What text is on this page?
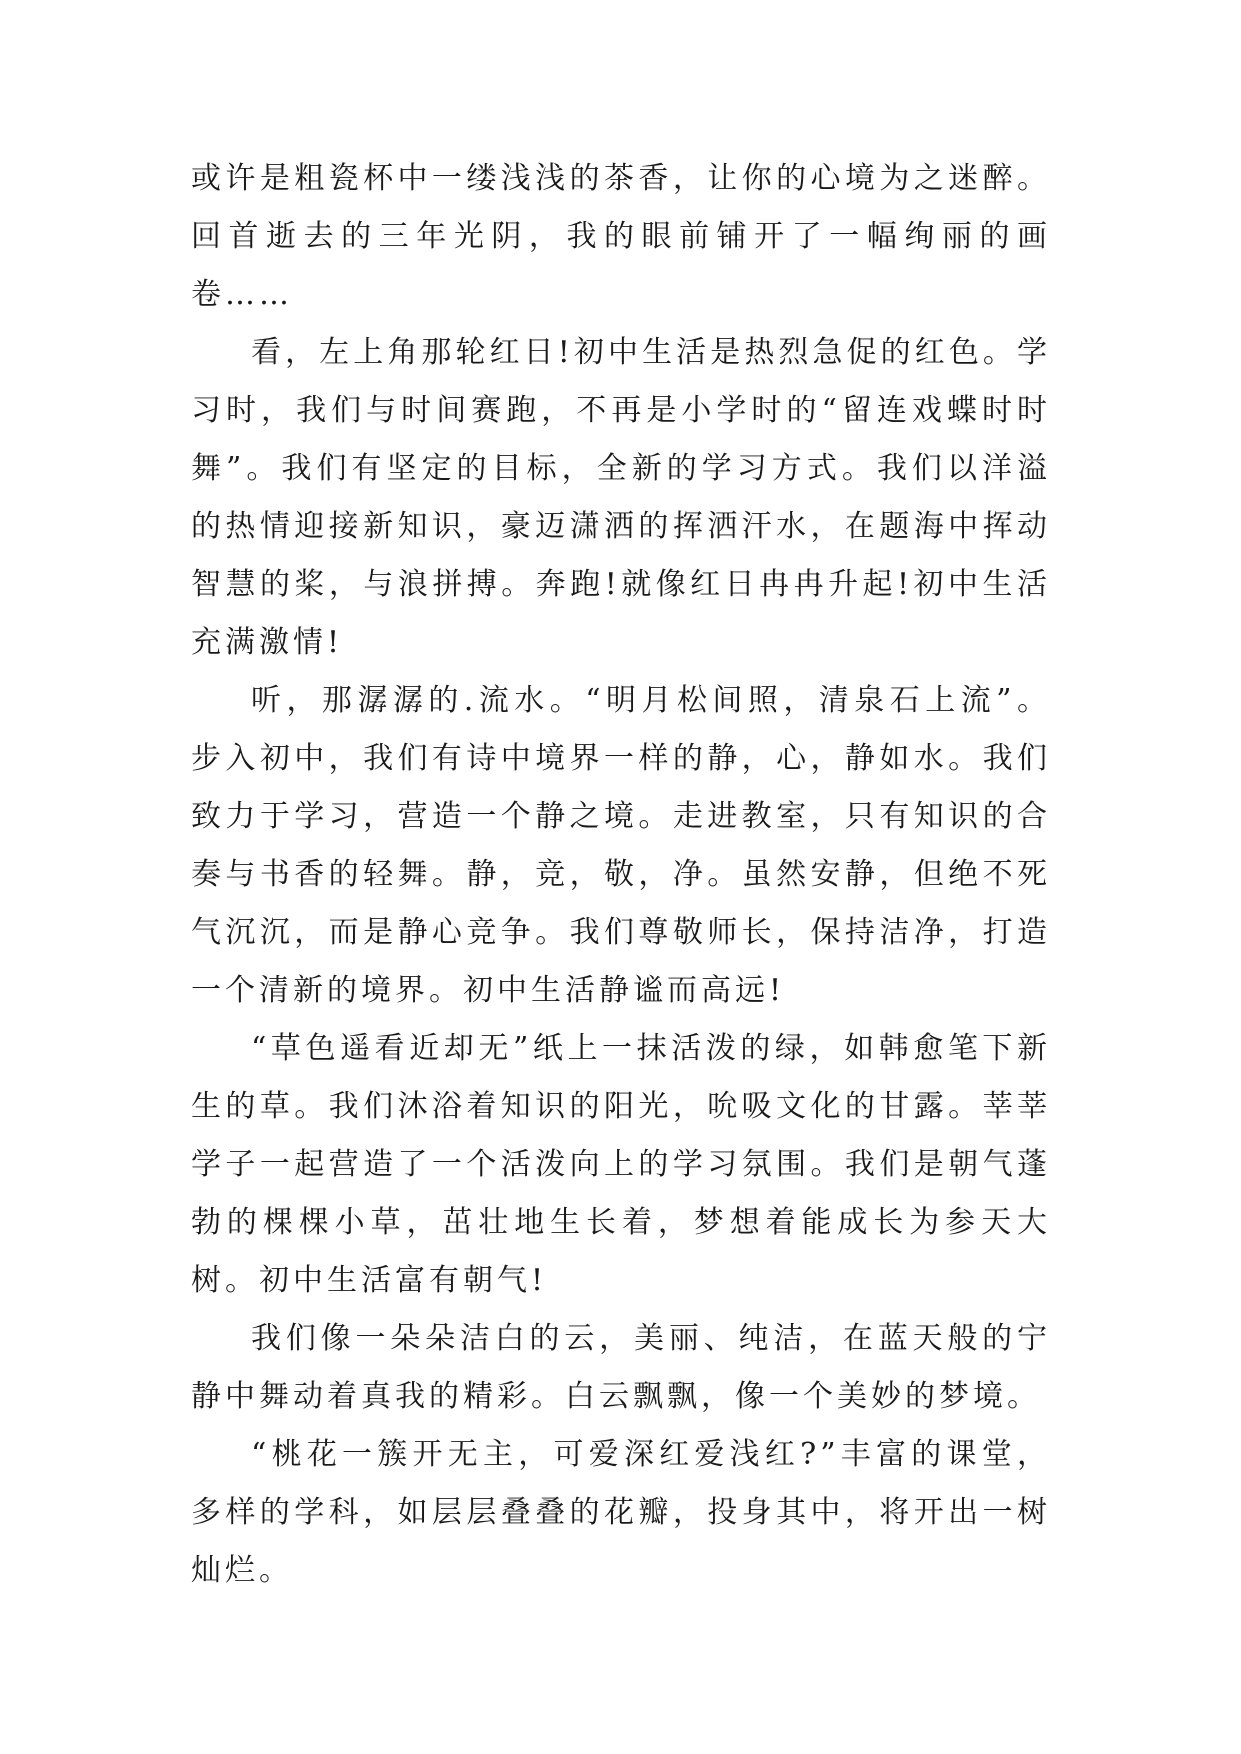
或许是粗瓷杯中一缕浅浅的茶香，让你的心境为之迷醉。回首逝去的三年光阴，我的眼前铺开了一幅绚丽的画卷……

看，左上角那轮红日!初中生活是热烈急促的红色。学习时，我们与时间赛跑，不再是小学时的“留连戏蝶时时舞”。我们有坚定的目标，全新的学习方式。我们以洋溢的热情迎接新知识，豪迈潇洒的挥洒汗水，在题海中挥动智慧的桨，与浪拼搏。奔跑!就像红日冉冉升起!初中生活充满激情!

听，那潺潺的.流水。“明月松间照，清泉石上流”。步入初中，我们有诗中境界一样的静，心，静如水。我们致力于学习，营造一个静之境。走进教室，只有知识的合奏与书香的轻舞。静，竞，敬，净。虽然安静，但绝不死气沉沉，而是静心竞争。我们尊敬师长，保持洁净，打造一个清新的境界。初中生活静谧而高远!

“草色遥看近却无”纸上一抹活泼的绿，如韩愈笔下新生的草。我们沐浴着知识的阳光，吮吸文化的甘露。莘莘学子一起营造了一个活泼向上的学习氛围。我们是朝气蓬勃的棵棵小草，茁壮地生长着，梦想着能成长为参天大树。初中生活富有朝气!

我们像一朵朵洁白的云，美丽、纯洁，在蓝天般的宁静中舞动着真我的精彩。白云飘飘，像一个美妙的梦境。

“桃花一簇开无主，可爱深红爱浅红?”丰富的课堂，多样的学科，如层层叠叠的花瓣，投身其中，将开出一树灿烂。
